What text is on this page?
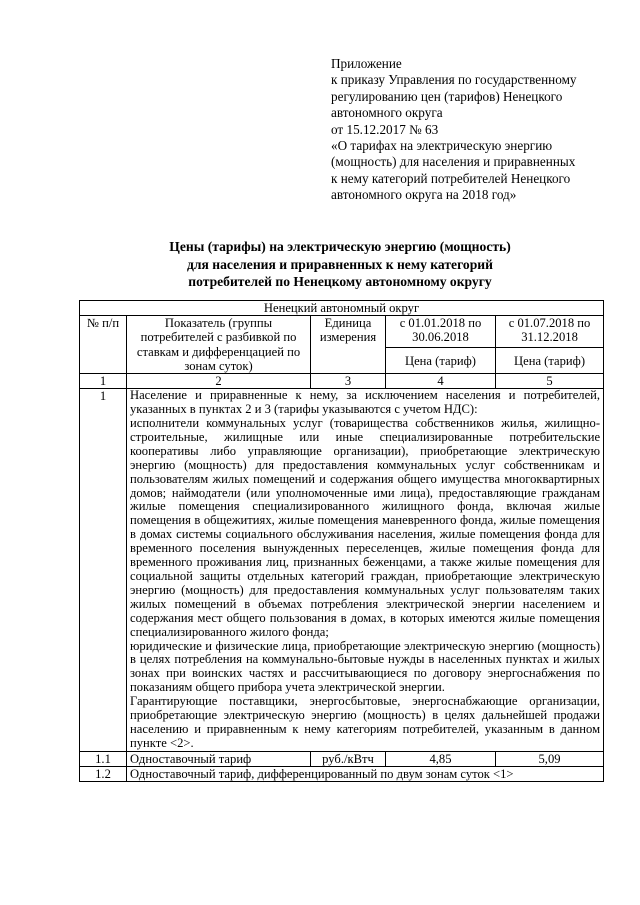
Приложение
к приказу Управления по государственному
регулированию цен (тарифов) Ненецкого
автономного округа
от 15.12.2017 № 63
«О тарифах на электрическую энергию
(мощность) для населения и приравненных
к нему категорий потребителей Ненецкого
автономного округа на 2018 год»
Цены (тарифы) на электрическую энергию (мощность)
для населения и приравненных к нему категорий
потребителей по Ненецкому автономному округу
Ненецкий автономный округ				
№ п/п	Показатель (группы потребителей с разбивкой по ставкам и дифференцацией по зонам суток)	Единица измерения	с 01.01.2018 по 30.06.2018	с 01.07.2018 по 31.12.2018
			Цена (тариф)	Цена (тариф)
1	2	3	4	5
1	Население и приравненные к нему, за исключением населения и потребителей, указанных в пунктах 2 и 3 (тарифы указываются с учетом НДС):
исполнители коммунальных услуг (товарищества собственников жилья, жилищно-строительные, жилищные или иные специализированные потребительские кооперативы либо управляющие организации), приобретающие электрическую энергию (мощность) для предоставления коммунальных услуг собственникам и пользователям жилых помещений и содержания общего имущества многоквартирных домов; наймодатели (или уполномоченные ими лица), предоставляющие гражданам жилые помещения специализированного жилищного фонда, включая жилые помещения в общежитиях, жилые помещения маневренного фонда, жилые помещения в домах системы социального обслуживания населения, жилые помещения фонда для временного поселения вынужденных переселенцев, жилые помещения фонда для временного проживания лиц, признанных беженцами, а также жилые помещения для социальной защиты отдельных категорий граждан, приобретающие электрическую энергию (мощность) для предоставления коммунальных услуг пользователям таких жилых помещений в объемах потребления электрической энергии населением и содержания мест общего пользования в домах, в которых имеются жилые помещения специализированного жилого фонда;
юридические и физические лица, приобретающие электрическую энергию (мощность) в целях потребления на коммунально-бытовые нужды в населенных пунктах и жилых зонах при воинских частях и рассчитывающиеся по договору энергоснабжения по показаниям общего прибора учета электрической энергии.
Гарантирующие поставщики, энергосбытовые, энергоснабжающие организации, приобретающие электрическую энергию (мощность) в целях дальнейшей продажи населению и приравненным к нему категориям потребителей, указанным в данном пункте <2>.			

1.1	Одноставочный тариф	руб./кВтч	4,85	5,09
1.2	Одноставочный тариф, дифференцированный по двум зонам суток <1>			
